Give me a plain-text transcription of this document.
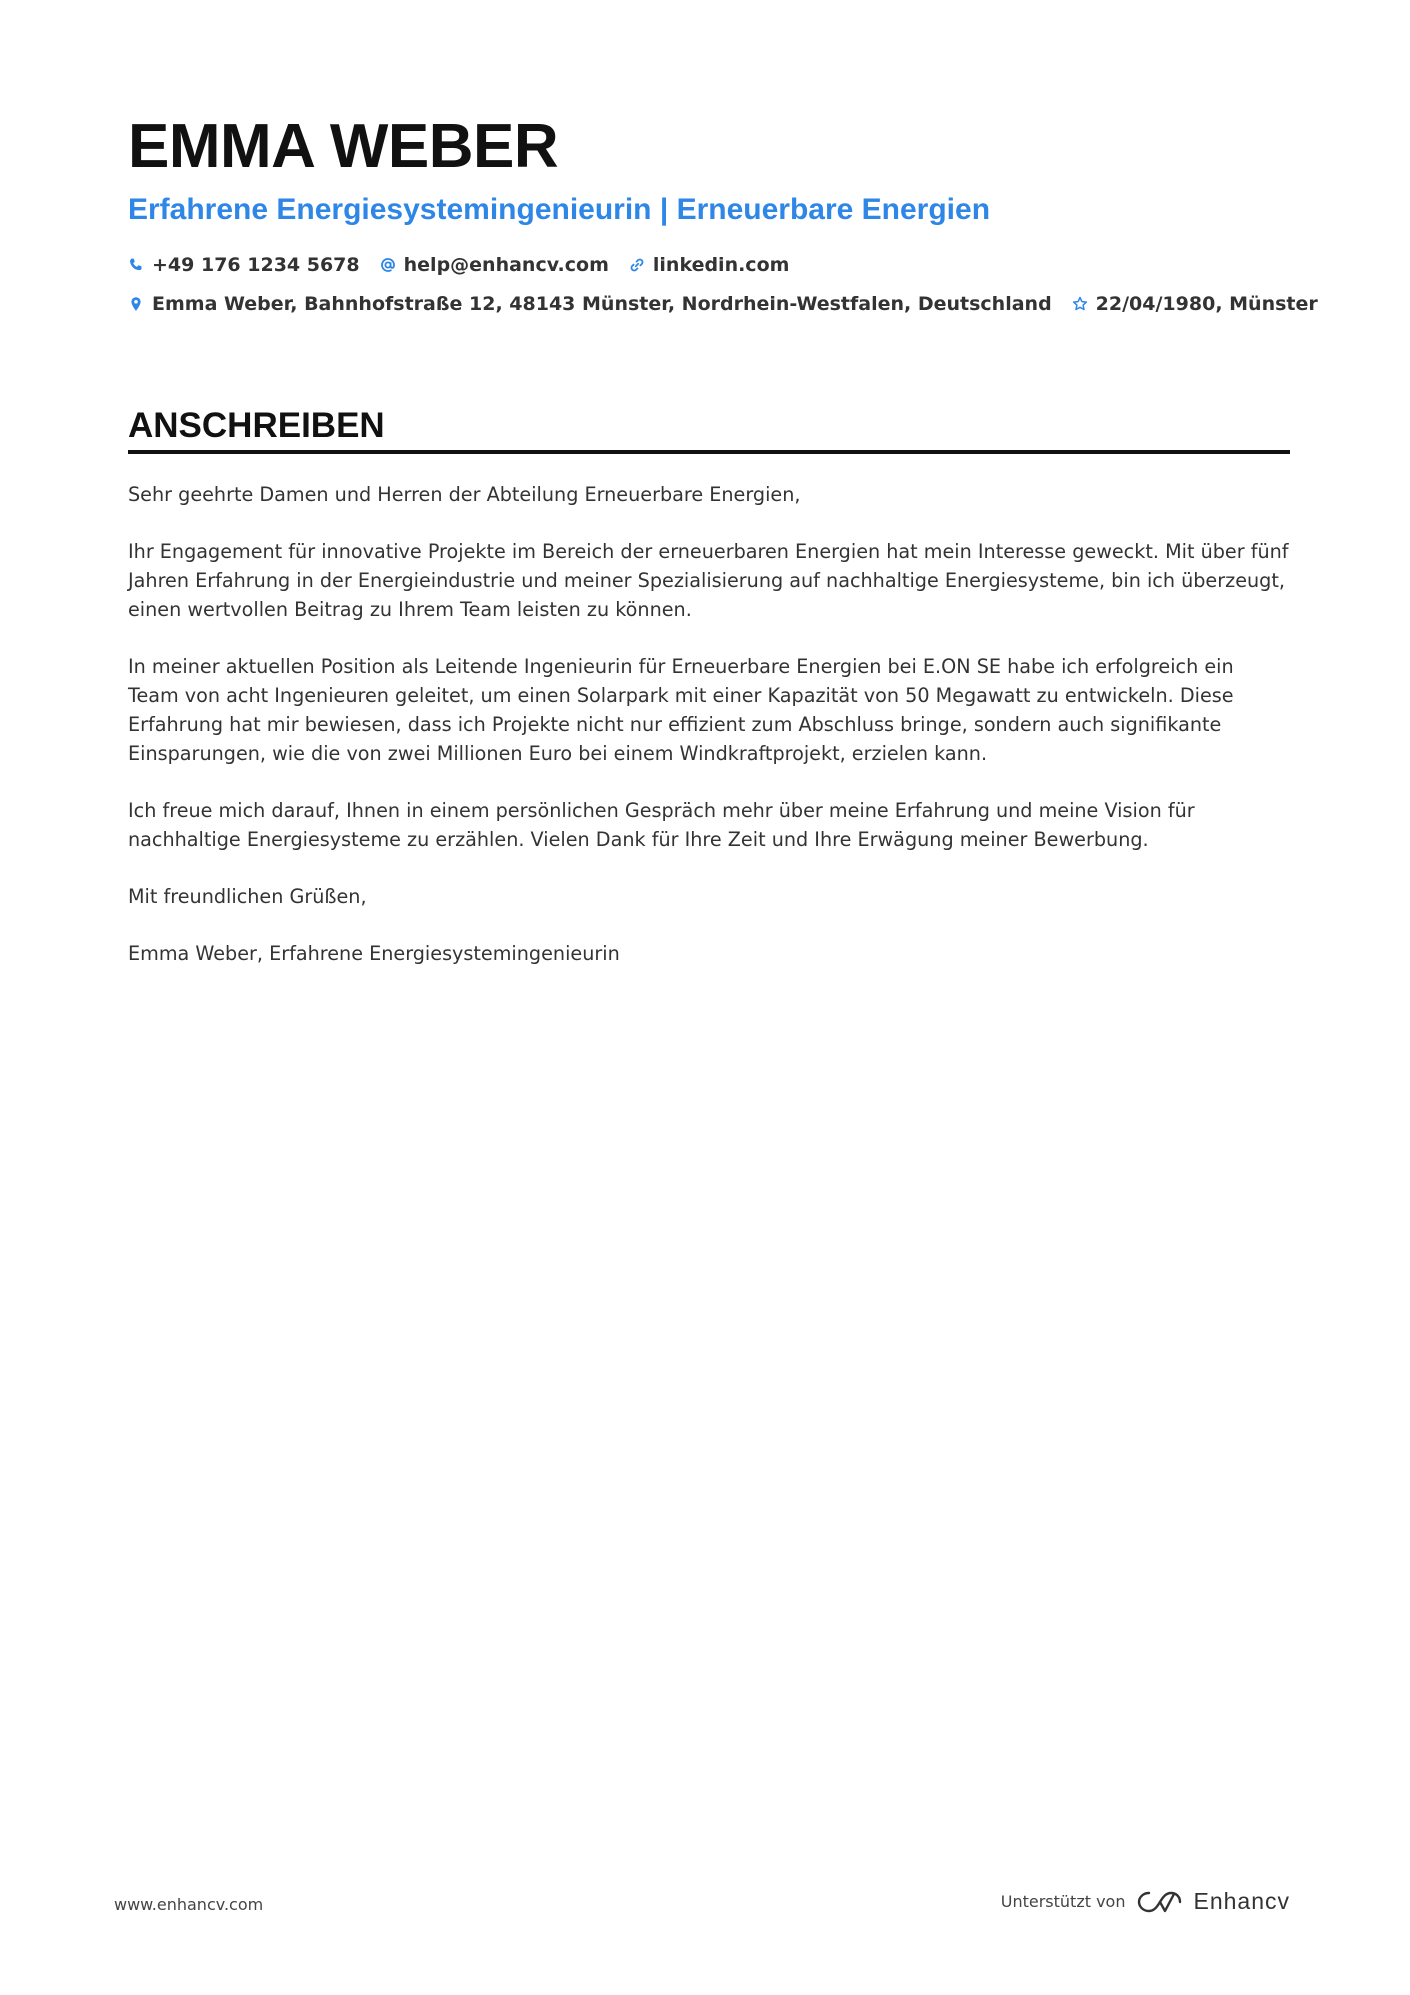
EMMA WEBER
Erfahrene Energiesystemingenieurin | Erneuerbare Energien
+49 176 1234 5678 help@enhancv.com linkedin.com
Emma Weber, Bahnhofstraße 12, 48143 Münster, Nordrhein-Westfalen, Deutschland 22/04/1980, Münster
ANSCHREIBEN

Sehr geehrte Damen und Herren der Abteilung Erneuerbare Energien,

Ihr Engagement für innovative Projekte im Bereich der erneuerbaren Energien hat mein Interesse geweckt. Mit über fünf Jahren Erfahrung in der Energieindustrie und meiner Spezialisierung auf nachhaltige Energiesysteme, bin ich überzeugt, einen wertvollen Beitrag zu Ihrem Team leisten zu können.

In meiner aktuellen Position als Leitende Ingenieurin für Erneuerbare Energien bei E.ON SE habe ich erfolgreich ein Team von acht Ingenieuren geleitet, um einen Solarpark mit einer Kapazität von 50 Megawatt zu entwickeln. Diese Erfahrung hat mir bewiesen, dass ich Projekte nicht nur effizient zum Abschluss bringe, sondern auch signifikante Einsparungen, wie die von zwei Millionen Euro bei einem Windkraftprojekt, erzielen kann.

Ich freue mich darauf, Ihnen in einem persönlichen Gespräch mehr über meine Erfahrung und meine Vision für nachhaltige Energiesysteme zu erzählen. Vielen Dank für Ihre Zeit und Ihre Erwägung meiner Bewerbung.

Mit freundlichen Grüßen,

Emma Weber, Erfahrene Energiesystemingenieurin

www.enhancv.com	Unterstützt von	Enhancv
